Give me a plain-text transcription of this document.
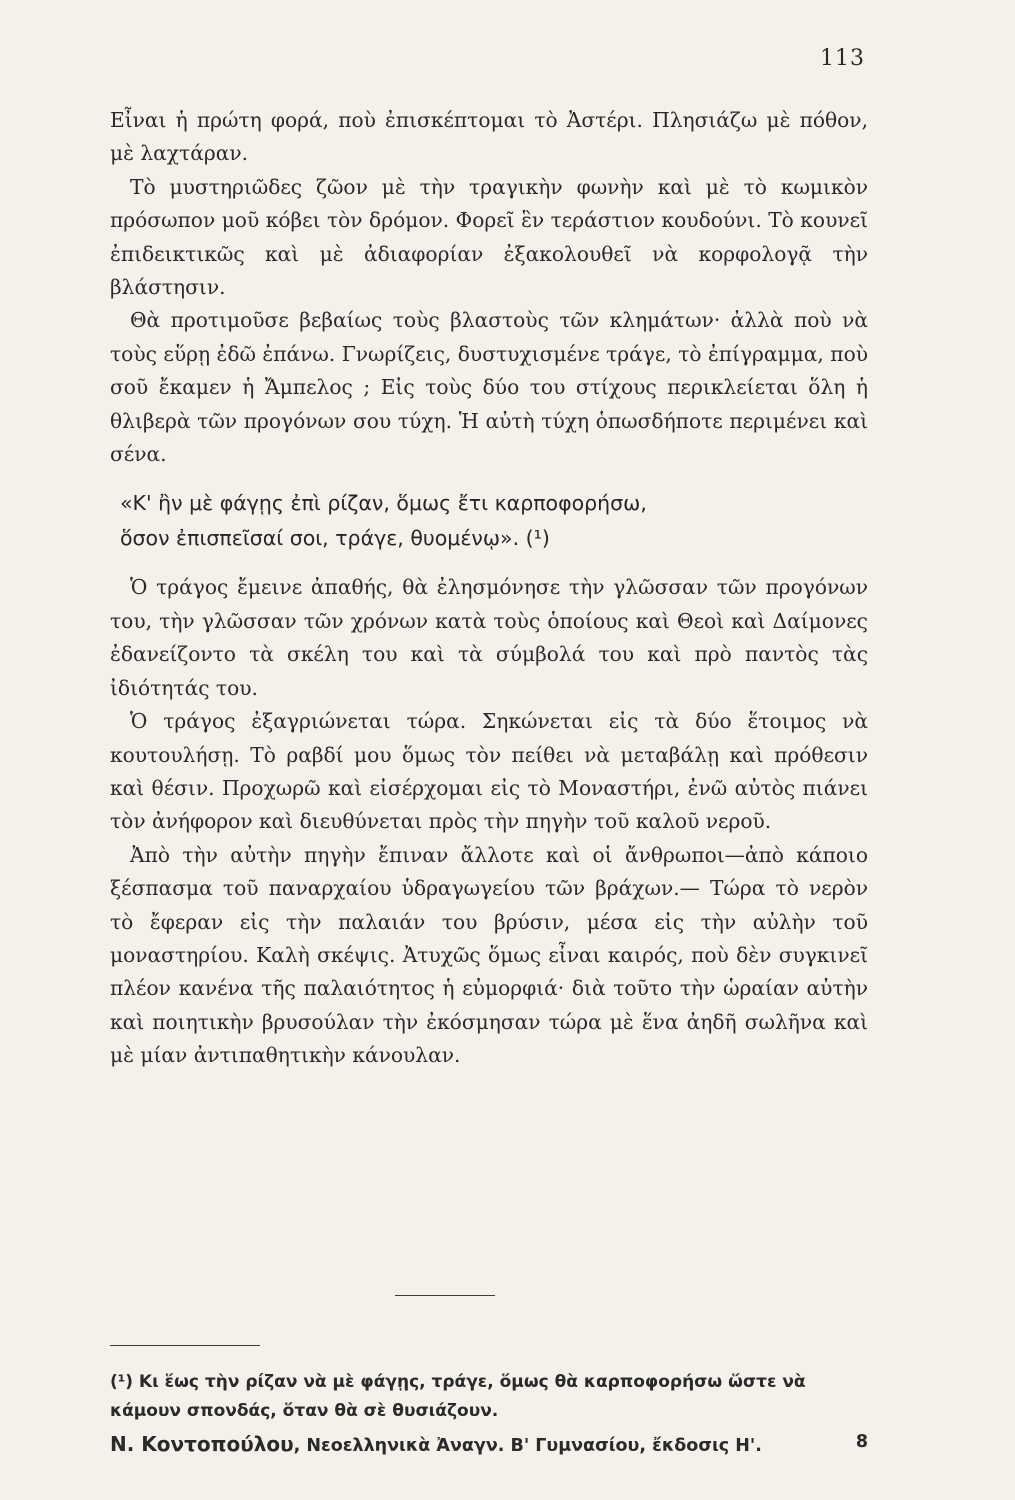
113

Εἶναι ἡ πρώτη φορά, ποὺ ἐπισκέπτομαι τὸ Ἀστέρι. Πλησιάζω μὲ πόθον, μὲ λαχτάραν.

Τὸ μυστηριῶδες ζῶον μὲ τὴν τραγικὴν φωνὴν καὶ μὲ τὸ κωμικὸν πρόσωπον μοῦ κόβει τὸν δρόμον. Φορεῖ ἓν τεράστιον κουδούνι. Τὸ κουνεῖ ἐπιδεικτικῶς καὶ μὲ ἀδιαφορίαν ἐξακολουθεῖ νὰ κορφολογᾷ τὴν βλάστησιν.

Θὰ προτιμοῦσε βεβαίως τοὺς βλαστοὺς τῶν κλημάτων· ἀλλὰ ποὺ νὰ τοὺς εὕρῃ ἐδῶ ἐπάνω. Γνωρίζεις, δυστυχισμένε τράγε, τὸ ἐπίγραμμα, ποὺ σοῦ ἔκαμεν ἡ Ἄμπελος ; Εἰς τοὺς δύο του στίχους περικλείεται ὅλη ἡ θλιβερὰ τῶν προγόνων σου τύχη. Ἡ αὐτὴ τύχη ὁπωσδήποτε περιμένει καὶ σένα.

«Κ' ἢν μὲ φάγῃς ἐπὶ ρίζαν, ὅμως ἔτι καρποφορήσω,
ὅσον ἐπισπεῖσαί σοι, τράγε, θυομένῳ». (¹)

Ὁ τράγος ἔμεινε ἀπαθής, θὰ ἐλησμόνησε τὴν γλῶσσαν τῶν προγόνων του, τὴν γλῶσσαν τῶν χρόνων κατὰ τοὺς ὁποίους καὶ Θεοὶ καὶ Δαίμονες ἐδανείζοντο τὰ σκέλη του καὶ τὰ σύμβολά του καὶ πρὸ παντὸς τὰς ἰδιότητάς του.

Ὁ τράγος ἐξαγριώνεται τώρα. Σηκώνεται εἰς τὰ δύο ἕτοιμος νὰ κουτουλήσῃ. Τὸ ραβδί μου ὅμως τὸν πείθει νὰ μεταβάλῃ καὶ πρόθεσιν καὶ θέσιν. Προχωρῶ καὶ εἰσέρχομαι εἰς τὸ Μοναστήρι, ἐνῶ αὐτὸς πιάνει τὸν ἀνήφορον καὶ διευθύνεται πρὸς τὴν πηγὴν τοῦ καλοῦ νεροῦ.

Ἀπὸ τὴν αὐτὴν πηγὴν ἔπιναν ἄλλοτε καὶ οἱ ἄνθρωποι—ἀπὸ κάποιο ξέσπασμα τοῦ παναρχαίου ὑδραγωγείου τῶν βράχων.— Τώρα τὸ νερὸν τὸ ἔφεραν εἰς τὴν παλαιάν του βρύσιν, μέσα εἰς τὴν αὐλὴν τοῦ μοναστηρίου. Καλὴ σκέψις. Ἀτυχῶς ὅμως εἶναι καιρός, ποὺ δὲν συγκινεῖ πλέον κανένα τῆς παλαιότητος ἡ εὐμορφιά· διὰ τοῦτο τὴν ὡραίαν αὐτὴν καὶ ποιητικὴν βρυσούλαν τὴν ἐκόσμησαν τώρα μὲ ἕνα ἀηδῆ σωλῆνα καὶ μὲ μίαν ἀντιπαθητικὴν κάνουλαν.

(¹) Κι ἕως τὴν ρίζαν νὰ μὲ φάγῃς, τράγε, ὅμως θὰ καρποφορήσω ὥστε νὰ κάμουν σπονδάς, ὅταν θὰ σὲ θυσιάζουν.
Ν. Κοντοπούλου, Νεοελληνικὰ Ἀναγν. Β' Γυμνασίου, ἔκδοσις Η'.	8
